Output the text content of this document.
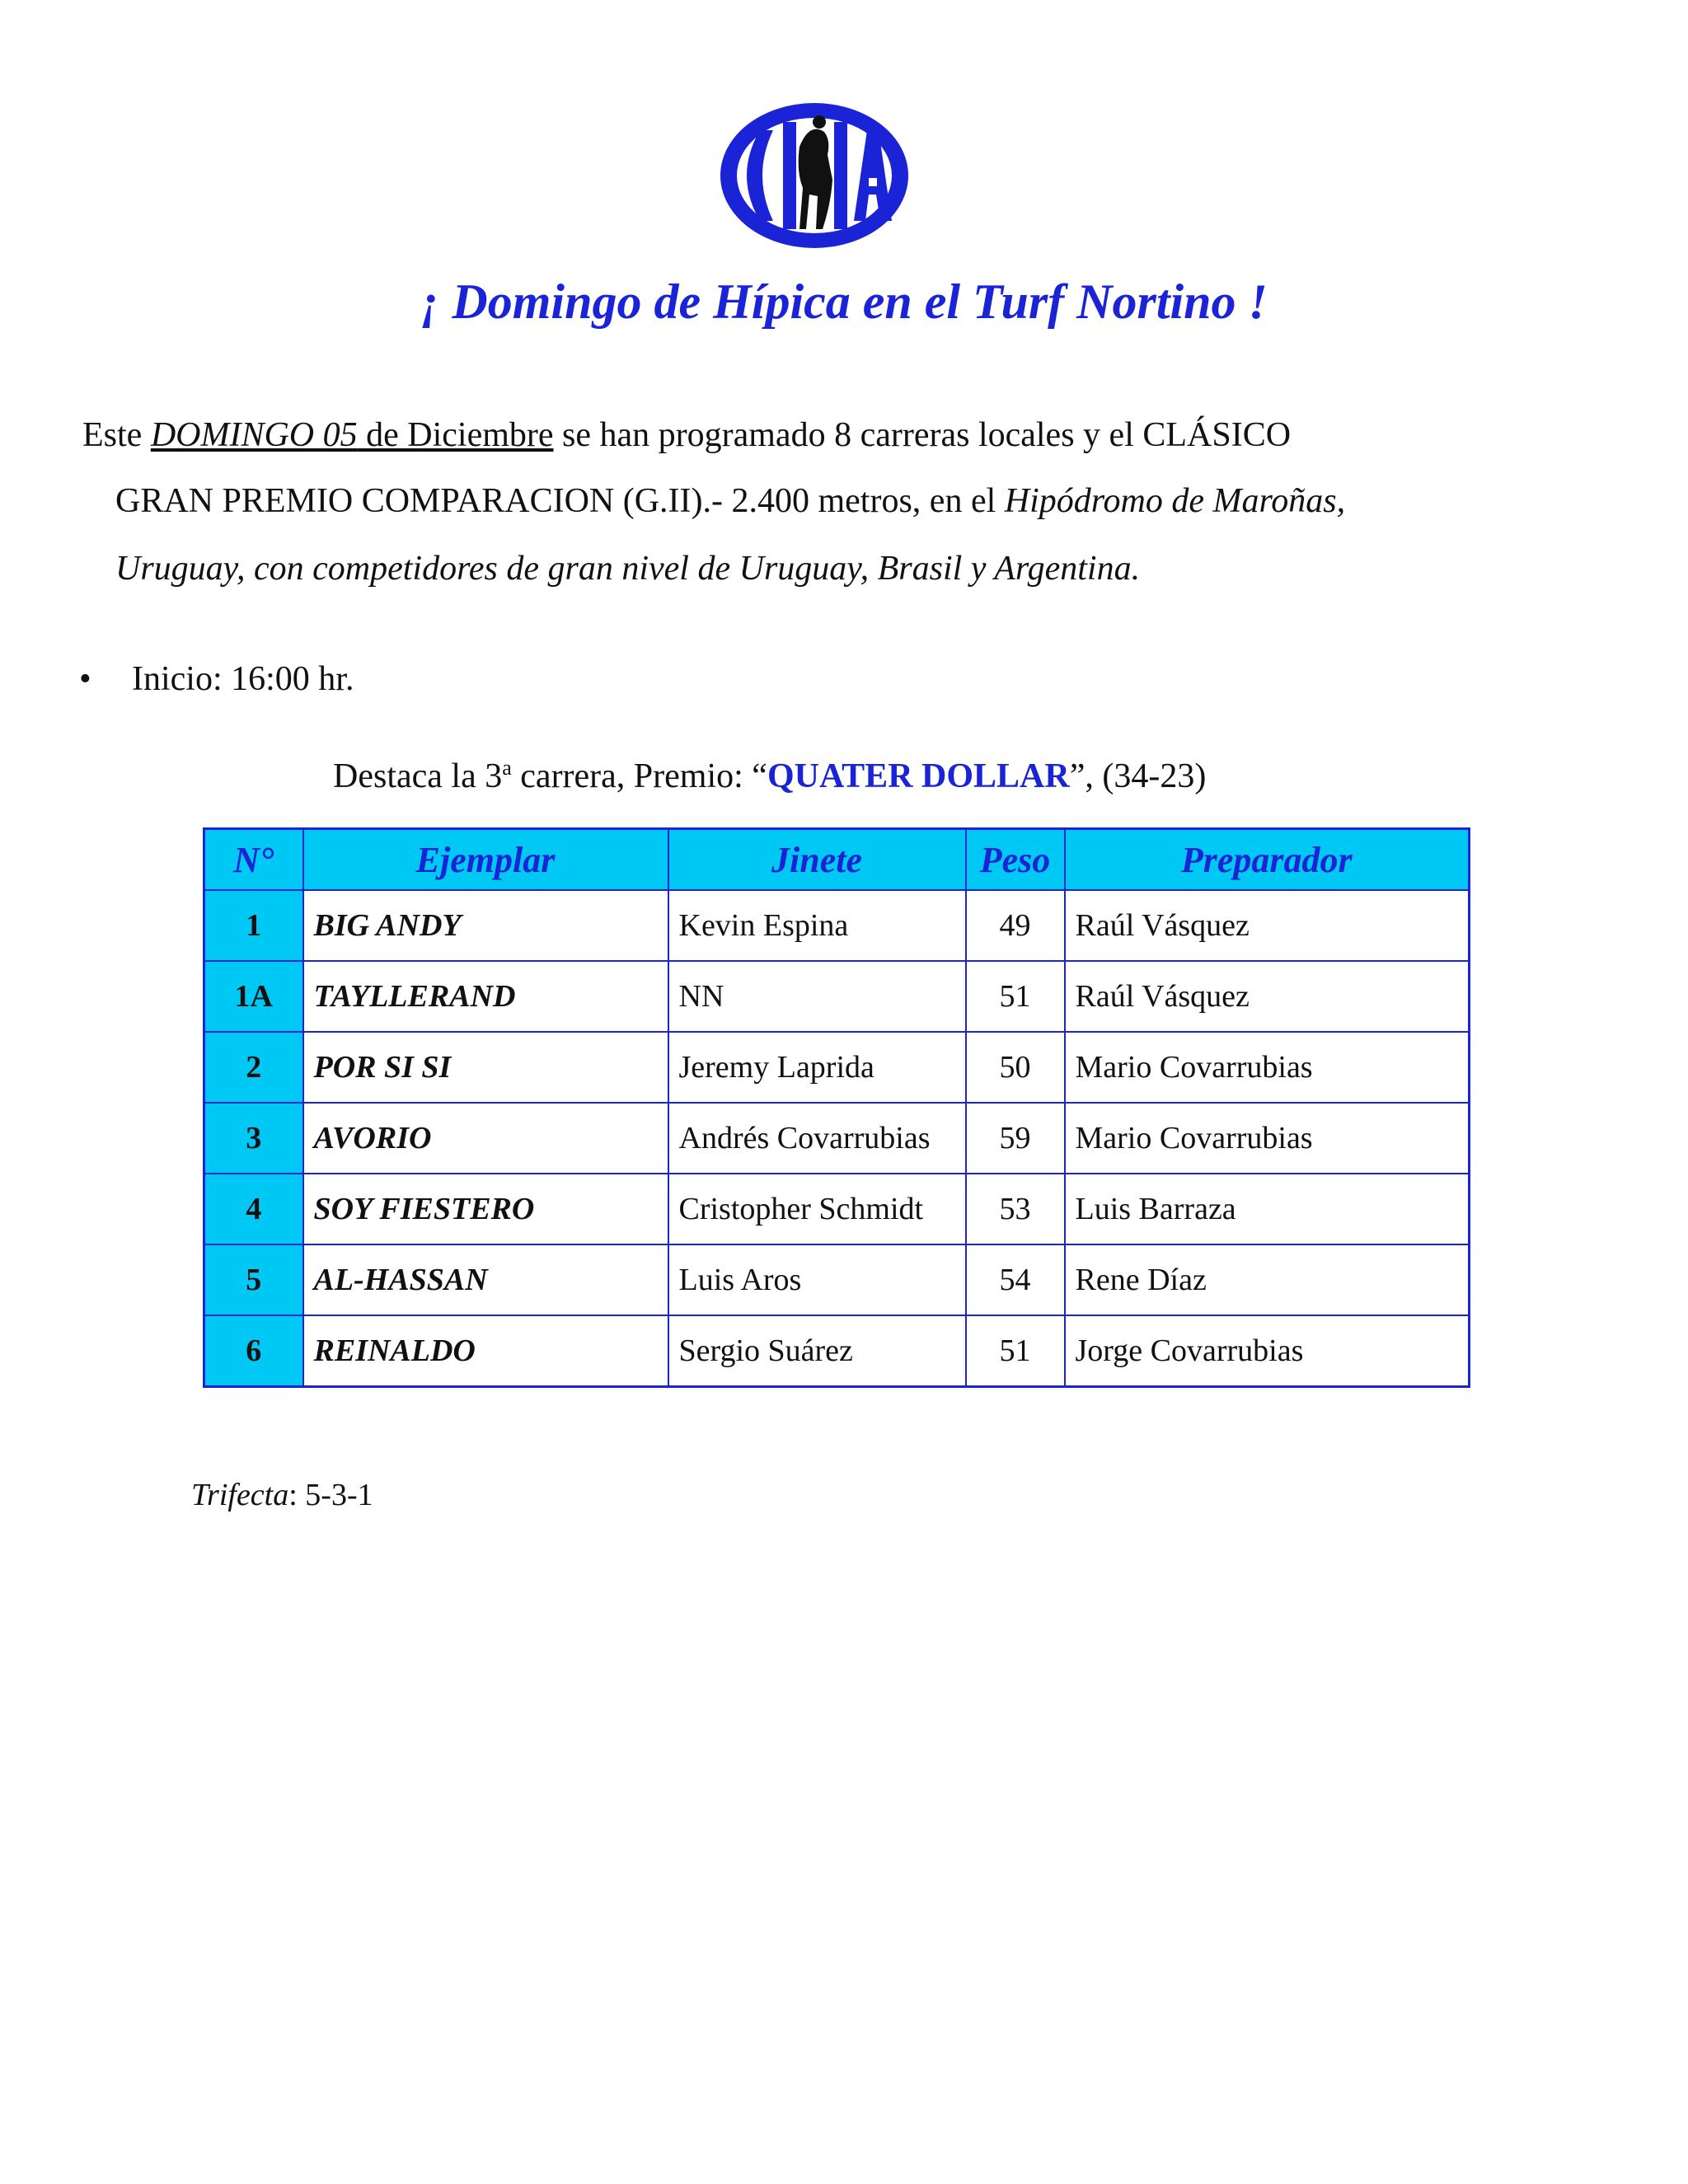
¡ Domingo de Hípica en el Turf Nortino !
Este DOMINGO 05 de Diciembre se han programado 8 carreras locales y el CLÁSICO
GRAN PREMIO COMPARACION (G.II).- 2.400 metros, en el Hipódromo de Maroñas,
Uruguay, con competidores de gran nivel de Uruguay, Brasil y Argentina.
• Inicio: 16:00 hr.
Destaca la 3$^a$ carrera, Premio: “QUATER DOLLAR”, (34-23)
N°	Ejemplar	Jinete	Peso	Preparador
1	BIG ANDY	Kevin Espina	49	Raúl Vásquez
1A	TAYLLERAND	NN	51	Raúl Vásquez
2	POR SI SI	Jeremy Laprida	50	Mario Covarrubias
3	AVORIO	Andrés Covarrubias	59	Mario Covarrubias
4	SOY FIESTERO	Cristopher Schmidt	53	Luis Barraza
5	AL-HASSAN	Luis Aros	54	Rene Díaz
6	REINALDO	Sergio Suárez	51	Jorge Covarrubias
Trifecta: 5-3-1
